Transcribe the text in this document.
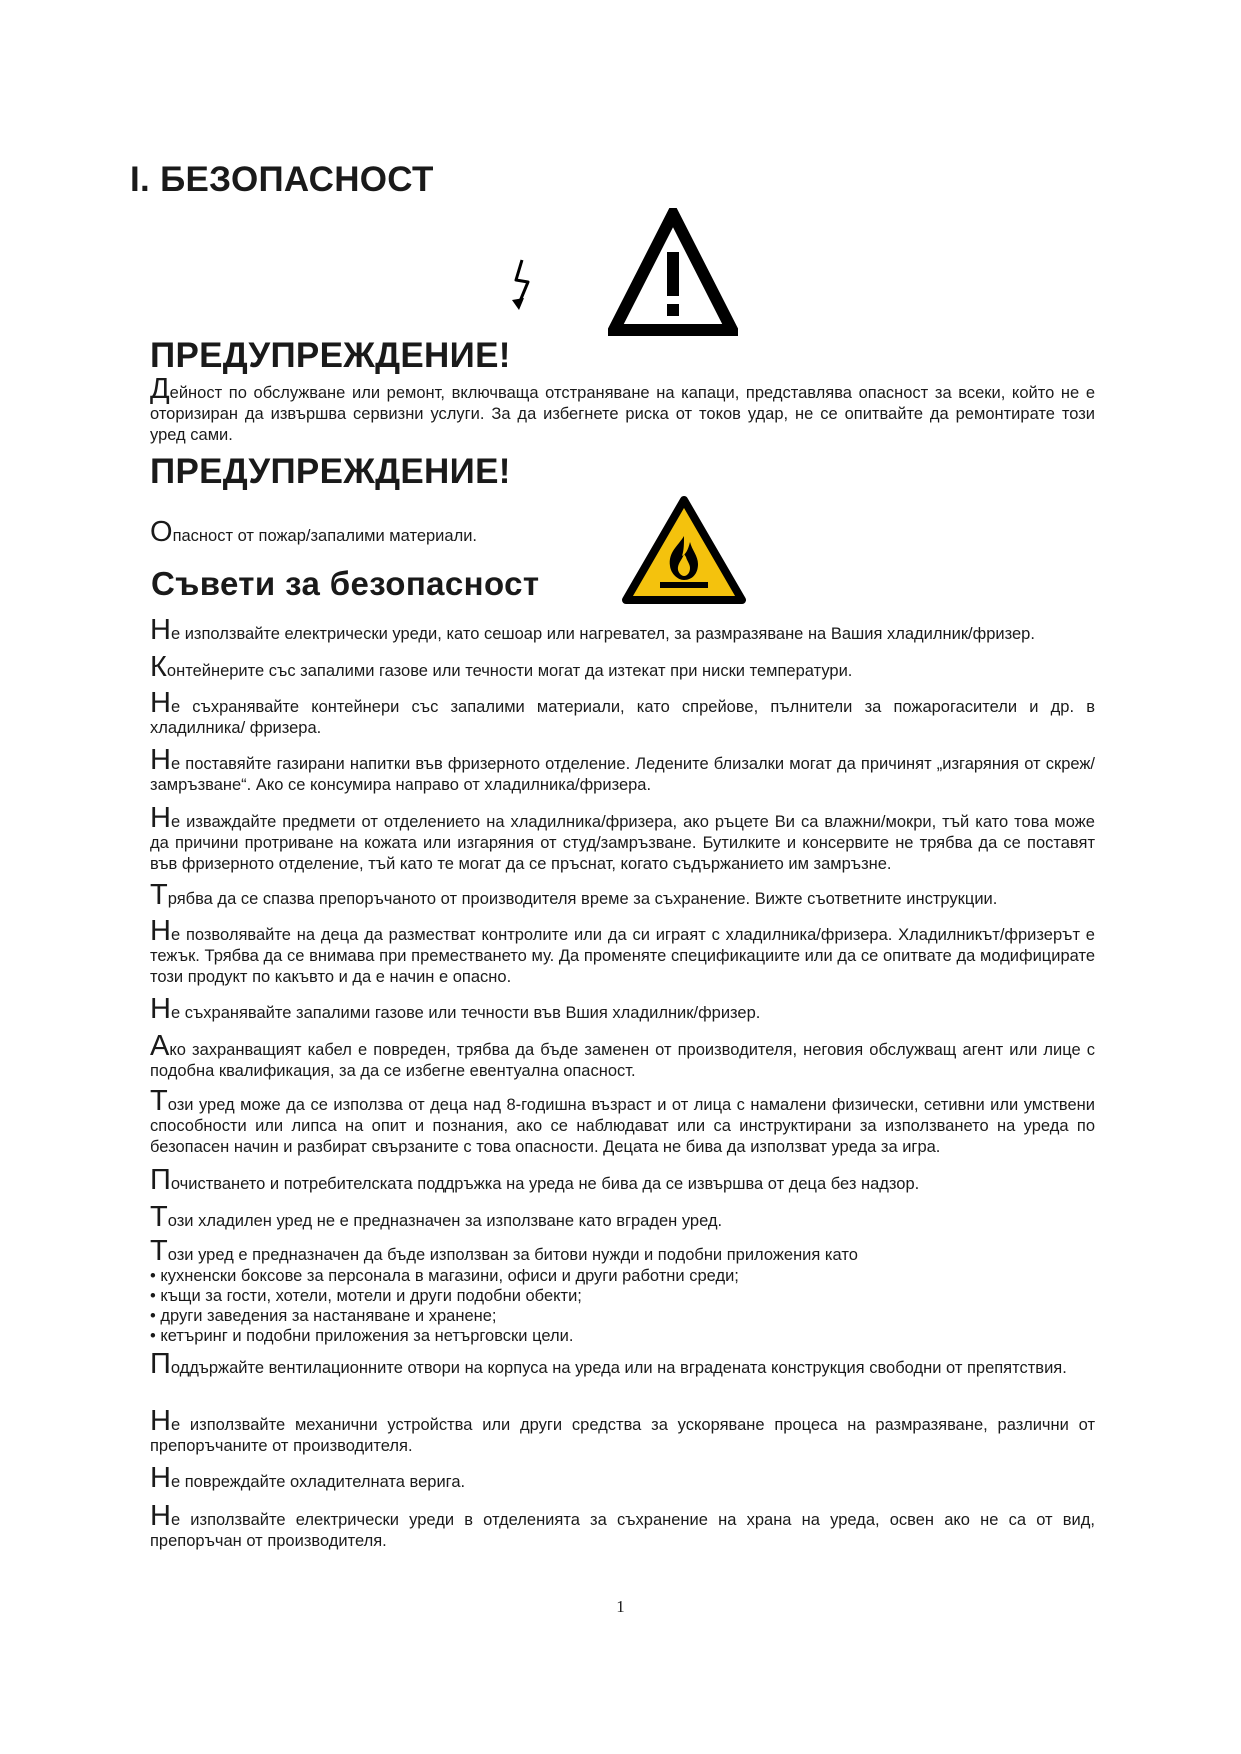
I. БЕЗОПАСНОСТ
ПРЕДУПРЕЖДЕНИЕ!
Дейност по обслужване или ремонт, включваща отстраняване на капаци, представлява опасност за всеки, който не е оторизиран да извършва сервизни услуги. За да избегнете риска от токов удар, не се опитвайте да ремонтирате този уред сами.
ПРЕДУПРЕЖДЕНИЕ!
Опасност от пожар/запалими материали.
Съвети за безопасност
Не използвайте електрически уреди, като сешоар или нагревател, за размразяване на Вашия хладилник/фризер.
Контейнерите със запалими газове или течности могат да изтекат при ниски температури.
Не съхранявайте контейнери със запалими материали, като спрейове, пълнители за пожарогасители и др. в хладилника/ фризера.
Не поставяйте газирани напитки във фризерното отделение. Ледените близалки могат да причинят „изгаряния от скреж/замръзване“. Ако се консумира направо от хладилника/фризера.
Не изваждайте предмети от отделението на хладилника/фризера, ако ръцете Ви са влажни/мокри, тъй като това може да причини протриване на кожата или изгаряния от студ/замръзване. Бутилките и консервите не трябва да се поставят във фризерното отделение, тъй като те могат да се пръснат, когато съдържанието им замръзне.
Трябва да се спазва препоръчаното от производителя време за съхранение. Вижте съответните инструкции.
Не позволявайте на деца да разместват контролите или да си играят с хладилника/фризера. Хладилникът/фризерът е тежък. Трябва да се внимава при преместването му. Да променяте спецификациите или да се опитвате да модифицирате този продукт по какъвто и да е начин е опасно.
Не съхранявайте запалими газове или течности във Вшия хладилник/фризер.
Ако захранващият кабел е повреден, трябва да бъде заменен от производителя, неговия обслужващ агент или лице с подобна квалификация, за да се избегне евентуална опасност.
Този уред може да се използва от деца над 8-годишна възраст и от лица с намалени физически, сетивни или умствени способности или липса на опит и познания, ако се наблюдават или са инструктирани за използването на уреда по безопасен начин и разбират свързаните с това опасности. Децата не бива да използват уреда за игра.
Почистването и потребителската поддръжка на уреда не бива да се извършва от деца без надзор.
Този хладилен уред не е предназначен за използване като вграден уред.
Този уред е предназначен да бъде използван за битови нужди и подобни приложения като
• кухненски боксове за персонала в магазини, офиси и други работни среди;
• къщи за гости, хотели, мотели и други подобни обекти;
• други заведения за настаняване и хранене;
• кетъринг и подобни приложения за нетърговски цели.
Поддържайте вентилационните отвори на корпуса на уреда или на вградената конструкция свободни от препятствия.
Не използвайте механични устройства или други средства за ускоряване процеса на размразяване, различни от препоръчаните от производителя.
Не повреждайте охладителната верига.
Не използвайте електрически уреди в отделенията за съхранение на храна на уреда, освен ако не са от вид, препоръчан от производителя.
1
